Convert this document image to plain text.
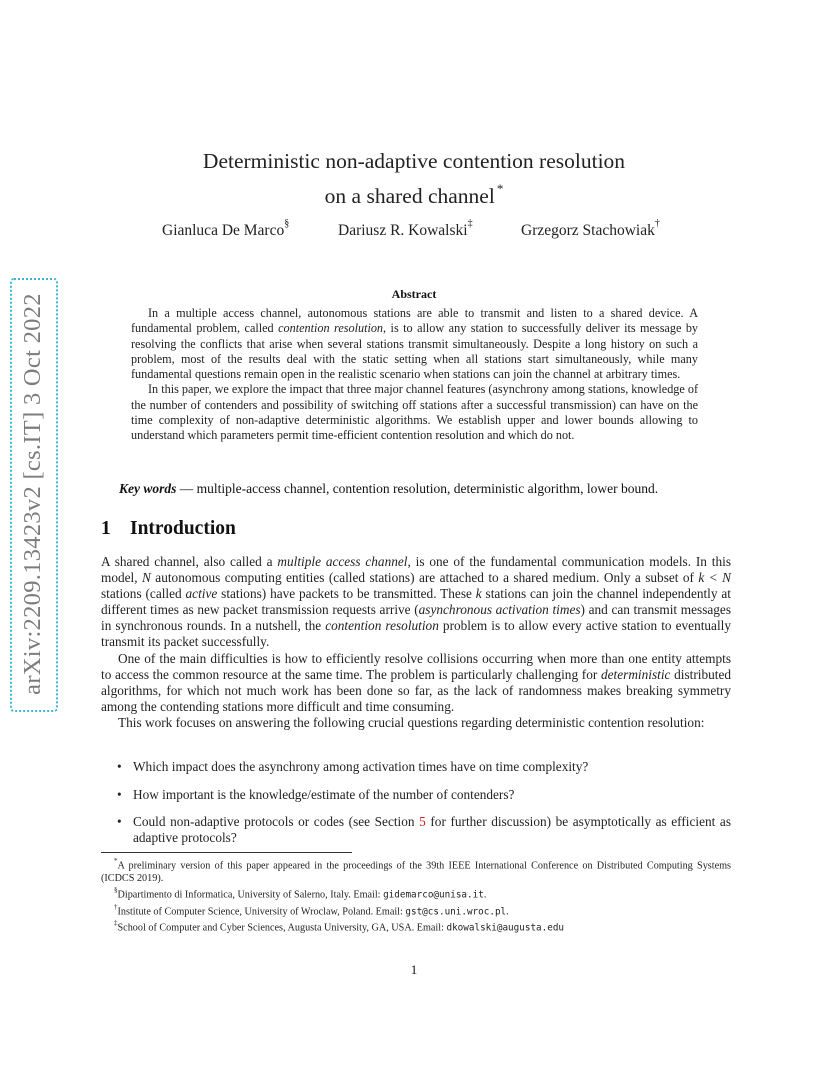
arXiv:2209.13423v2 [cs.IT] 3 Oct 2022
Deterministic non-adaptive contention resolution
on a shared channel *
Gianluca De Marco§	Dariusz R. Kowalski‡	Grzegorz Stachowiak†
Abstract

In a multiple access channel, autonomous stations are able to transmit and listen to a shared device. A fundamental problem, called contention resolution, is to allow any station to successfully deliver its message by resolving the conflicts that arise when several stations transmit simultaneously. Despite a long history on such a problem, most of the results deal with the static setting when all stations start simultaneously, while many fundamental questions remain open in the realistic scenario when stations can join the channel at arbitrary times.

In this paper, we explore the impact that three major channel features (asynchrony among stations, knowledge of the number of contenders and possibility of switching off stations after a successful transmission) can have on the time complexity of non-adaptive deterministic algorithms. We establish upper and lower bounds allowing to understand which parameters permit time-efficient contention resolution and which do not.

Key words — multiple-access channel, contention resolution, deterministic algorithm, lower bound.
1 Introduction

A shared channel, also called a multiple access channel, is one of the fundamental communication models. In this model, N autonomous computing entities (called stations) are attached to a shared medium. Only a subset of k < N stations (called active stations) have packets to be transmitted. These k stations can join the channel independently at different times as new packet transmission requests arrive (asynchronous activation times) and can transmit messages in synchronous rounds. In a nutshell, the contention resolution problem is to allow every active station to eventually transmit its packet successfully.

One of the main difficulties is how to efficiently resolve collisions occurring when more than one entity attempts to access the common resource at the same time. The problem is particularly challenging for deterministic distributed algorithms, for which not much work has been done so far, as the lack of randomness makes breaking symmetry among the contending stations more difficult and time consuming.

This work focuses on answering the following crucial questions regarding deterministic contention resolution:

• Which impact does the asynchrony among activation times have on time complexity?
• How important is the knowledge/estimate of the number of contenders?
• Could non-adaptive protocols or codes (see Section 5 for further discussion) be asymptotically as efficient as adaptive protocols?

*A preliminary version of this paper appeared in the proceedings of the 39th IEEE International Conference on Distributed Computing Systems (ICDCS 2019).

§Dipartimento di Informatica, University of Salerno, Italy. Email: gidemarco@unisa.it.

†Institute of Computer Science, University of Wroclaw, Poland. Email: gst@cs.uni.wroc.pl.

‡School of Computer and Cyber Sciences, Augusta University, GA, USA. Email: dkowalski@augusta.edu

1
